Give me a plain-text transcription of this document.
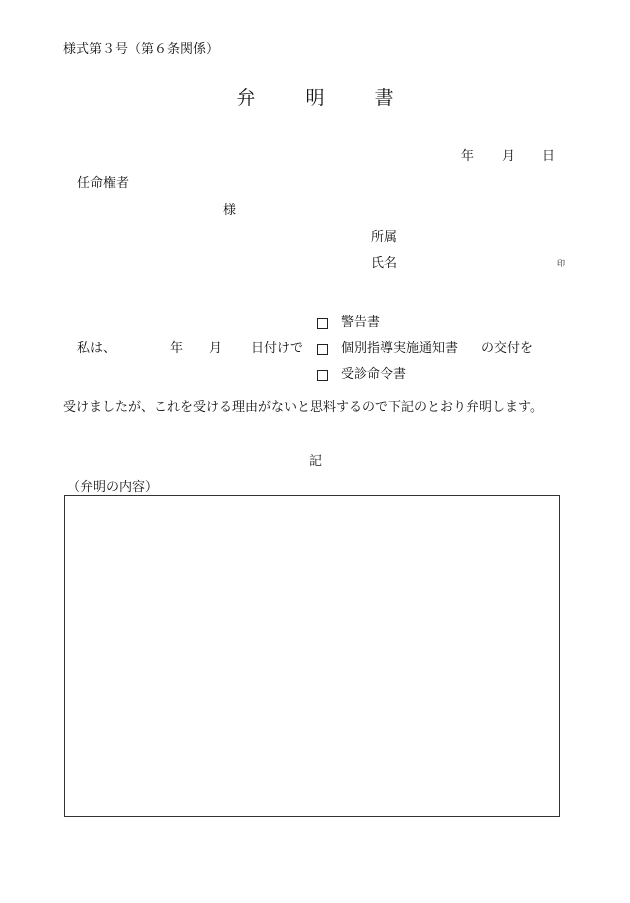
様式第３号（第６条関係）
弁	明	書
年 月 日
任命権者
様
所属
氏名	印
警告書
私は、	年 月 日付けで	個別指導実施通知書 の交付を
受診命令書
受けましたが、これを受ける理由がないと思料するので下記のとおり弁明します。
記
（弁明の内容）
